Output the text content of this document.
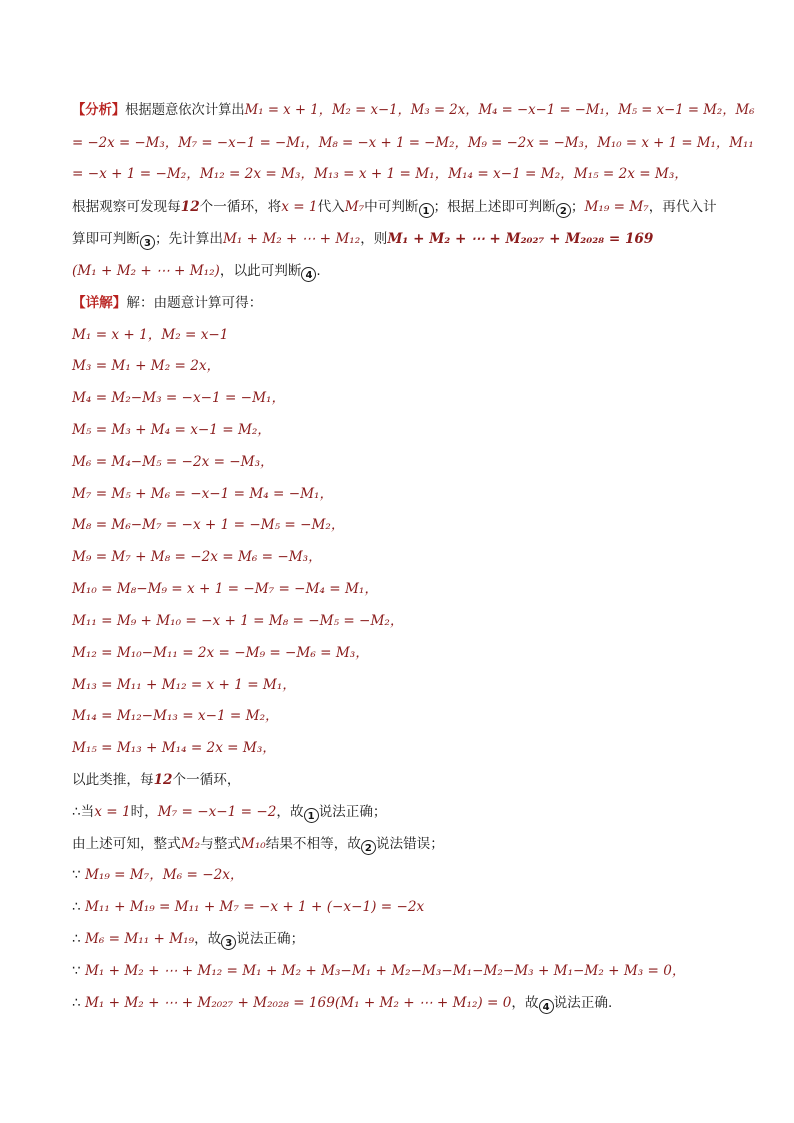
【分析】根据题意依次计算出M₁ = x + 1，M₂ = x−1，M₃ = 2x，M₄ = −x−1 = −M₁，M₅ = x−1 = M₂，M₆
= −2x = −M₃，M₇ = −x−1 = −M₁，M₈ = −x + 1 = −M₂，M₉ = −2x = −M₃，M₁₀ = x + 1 = M₁，M₁₁
= −x + 1 = −M₂，M₁₂ = 2x = M₃，M₁₃ = x + 1 = M₁，M₁₄ = x−1 = M₂，M₁₅ = 2x = M₃，
根据观察可发现每12个一循环，将x = 1代入M₇中可判断 1 ；根据上述即可判断 2 ；M₁₉ = M₇，再代入计
算即可判断 3 ；先计算出M₁ + M₂ + ⋯ + M₁₂，则M₁ + M₂ + ⋯ + M₂₀₂₇ + M₂₀₂₈ = 169
(M₁ + M₂ + ⋯ + M₁₂)，以此可判断 4 .
【详解】解：由题意计算可得：
M₁ = x + 1，M₂ = x−1
M₃ = M₁ + M₂ = 2x，
M₄ = M₂−M₃ = −x−1 = −M₁，
M₅ = M₃ + M₄ = x−1 = M₂，
M₆ = M₄−M₅ = −2x = −M₃，
M₇ = M₅ + M₆ = −x−1 = M₄ = −M₁，
M₈ = M₆−M₇ = −x + 1 = −M₅ = −M₂，
M₉ = M₇ + M₈ = −2x = M₆ = −M₃，
M₁₀ = M₈−M₉ = x + 1 = −M₇ = −M₄ = M₁，
M₁₁ = M₉ + M₁₀ = −x + 1 = M₈ = −M₅ = −M₂，
M₁₂ = M₁₀−M₁₁ = 2x = −M₉ = −M₆ = M₃，
M₁₃ = M₁₁ + M₁₂ = x + 1 = M₁，
M₁₄ = M₁₂−M₁₃ = x−1 = M₂，
M₁₅ = M₁₃ + M₁₄ = 2x = M₃，
以此类推，每12个一循环，
∴当x = 1时，M₇ = −x−1 = −2，故 1 说法正确；
由上述可知，整式M₂与整式M₁₀结果不相等，故 2 说法错误；
∵ M₁₉ = M₇，M₆ = −2x，
∴ M₁₁ + M₁₉ = M₁₁ + M₇ = −x + 1 + (−x−1) = −2x
∴ M₆ = M₁₁ + M₁₉，故 3 说法正确；
∵ M₁ + M₂ + ⋯ + M₁₂ = M₁ + M₂ + M₃−M₁ + M₂−M₃−M₁−M₂−M₃ + M₁−M₂ + M₃ = 0，
∴ M₁ + M₂ + ⋯ + M₂₀₂₇ + M₂₀₂₈ = 169(M₁ + M₂ + ⋯ + M₁₂) = 0，故 4 说法正确.
